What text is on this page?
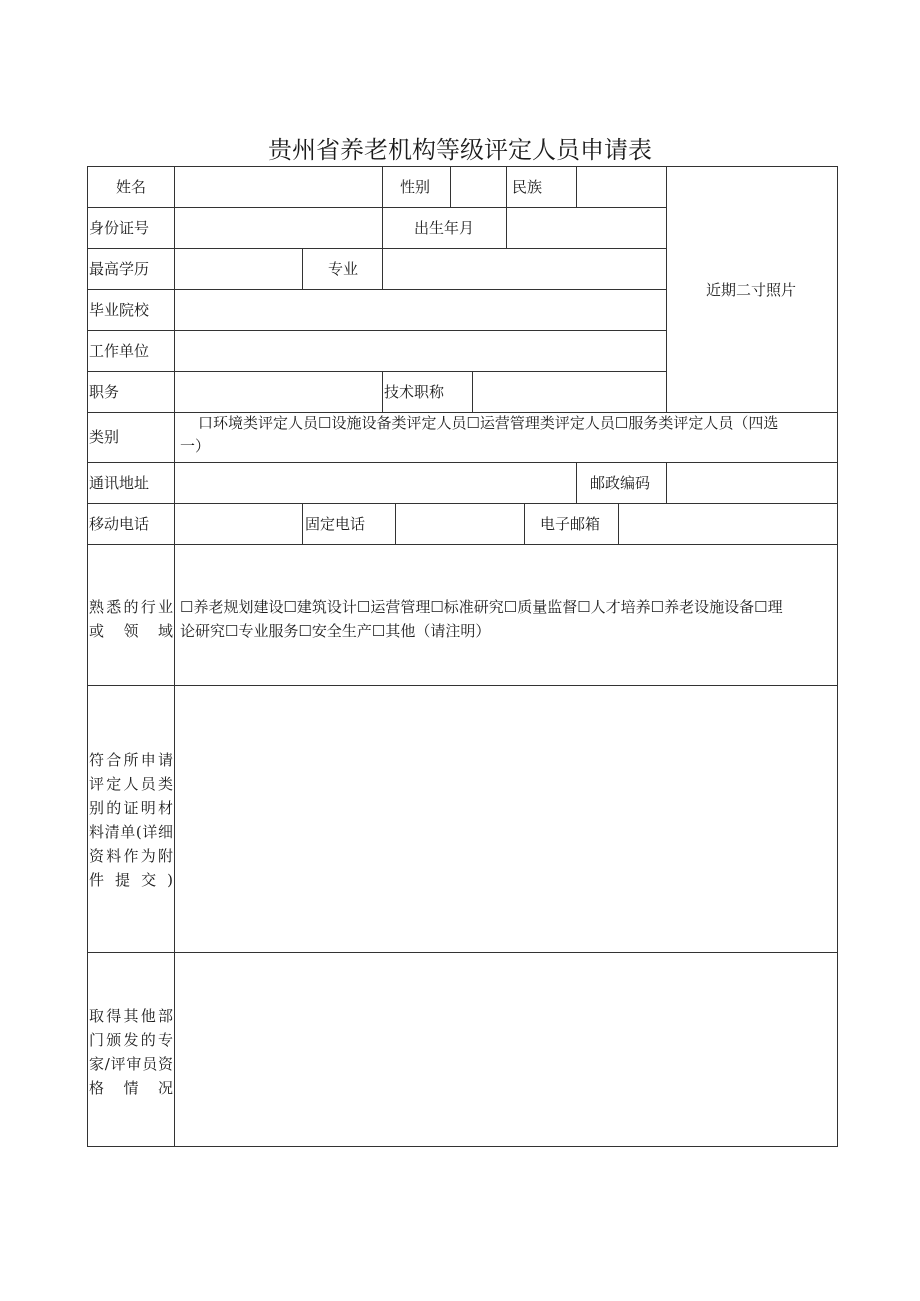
贵州省养老机构等级评定人员申请表
姓名	性别	民族
身份证号	出生年月
最高学历	专业
毕业院校
工作单位
职务	技术职称
近期二寸照片
类别
口环境类评定人员☐设施设备类评定人员☐运营管理类评定人员☐服务类评定人员（四选
一）
通讯地址	邮政编码
移动电话	固定电话	电子邮箱
熟悉的行业或领域
☐养老规划建设☐建筑设计☐运营管理☐标准研究☐质量监督☐人才培养☐养老设施设备☐理
论研究☐专业服务☐安全生产☐其他（请注明）
符合所申请评定人员类别的证明材料清单(详细资料作为附件提交)
取得其他部门颁发的专家/评审员资格情况
